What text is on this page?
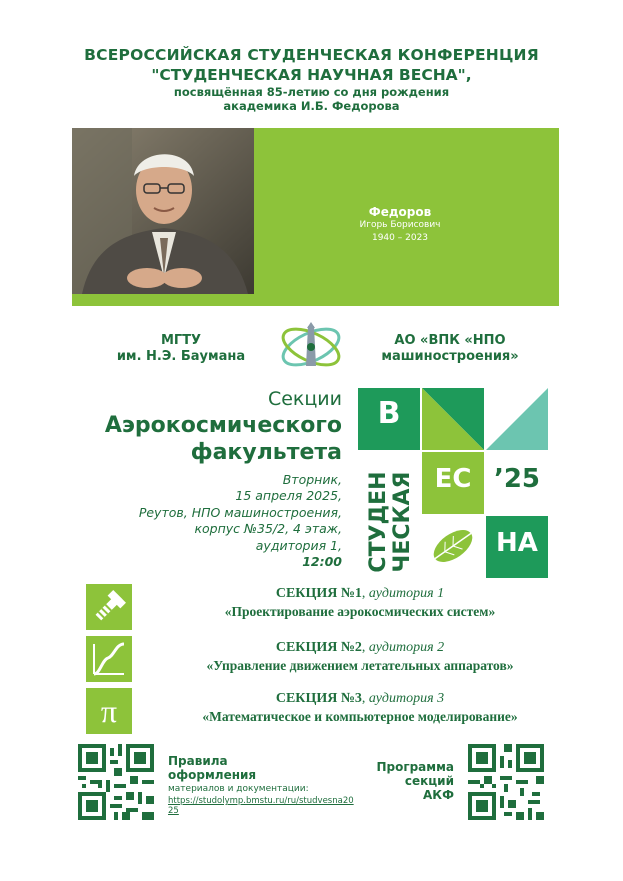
ВСЕРОССИЙСКАЯ СТУДЕНЧЕСКАЯ КОНФЕРЕНЦИЯ
"СТУДЕНЧЕСКАЯ НАУЧНАЯ ВЕСНА",
посвящённая 85-летию со дня рождения
академика И.Б. Федорова
Федоров
Игорь Борисович
1940 – 2023
МГТУ
им. Н.Э. Баумана
АО «ВПК «НПО
машиностроения»
Секции
Аэрокосмического
факультета
Вторник,
15 апреля 2025,
Реутов, НПО машиностроения,
корпус №35/2, 4 этаж,
аудитория 1,
12:00
В
ЕС
НА
’25
СТУДЕН ЧЕСКАЯ
СЕКЦИЯ №1, аудитория 1
«Проектирование аэрокосмических систем»
СЕКЦИЯ №2, аудитория 2
«Управление движением летательных аппаратов»
π	СЕКЦИЯ №3, аудитория 3
«Математическое и компьютерное моделирование»
Правила
оформления
материалов и документации:
https://studolymp.bmstu.ru/ru/studvesna2025
Программа
секций
АКФ
